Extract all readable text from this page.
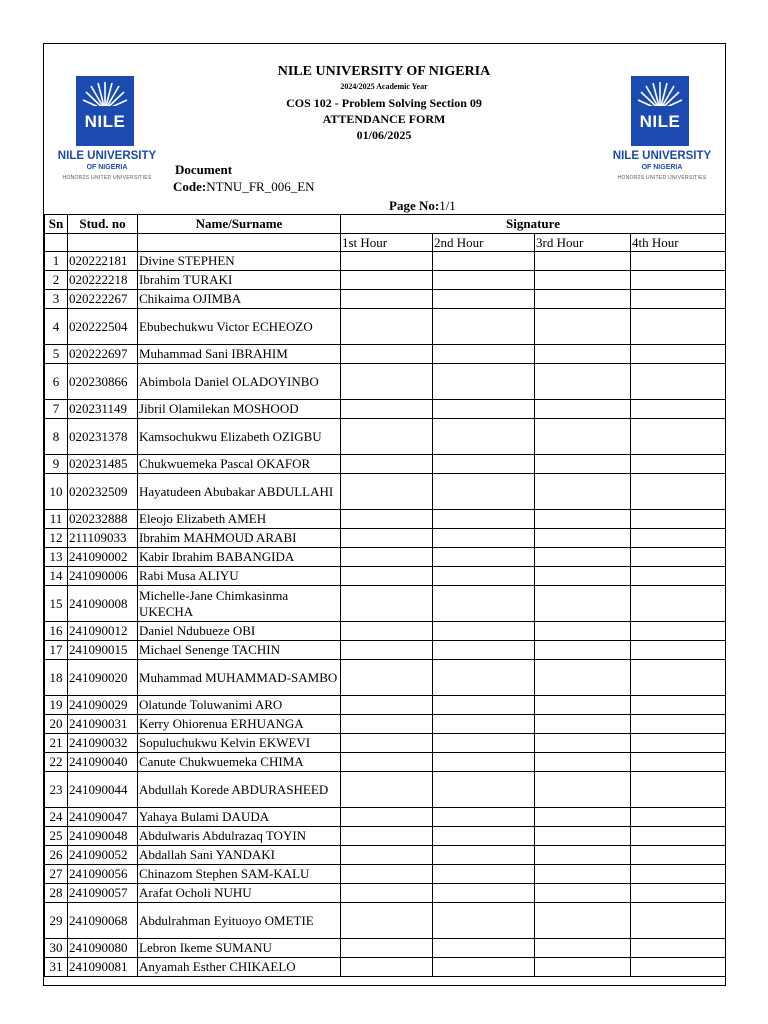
NILE
NILE UNIVERSITY
OF NIGERIA
HONOR2S UNITED UNIVERSITIES
NILE UNIVERSITY OF NIGERIA
2024/2025 Academic Year
COS 102 - Problem Solving Section 09
ATTENDANCE FORM
01/06/2025
Document
Code:NTNU_FR_006_EN
Page No:1/1
NILE
NILE UNIVERSITY
OF NIGERIA
HONOR2S UNITED UNIVERSITIES
Sn	Stud. no	Name/Surname	Signature			
			1st Hour	2nd Hour	3rd Hour	4th Hour
1	020222181	Divine STEPHEN				
2	020222218	Ibrahim TURAKI				
3	020222267	Chikaima OJIMBA				
4	020222504	Ebubechukwu Victor ECHEOZO				
5	020222697	Muhammad Sani IBRAHIM				
6	020230866	Abimbola Daniel OLADOYINBO				
7	020231149	Jibril Olamilekan MOSHOOD				
8	020231378	Kamsochukwu Elizabeth OZIGBU				
9	020231485	Chukwuemeka Pascal OKAFOR				
10	020232509	Hayatudeen Abubakar ABDULLAHI				
11	020232888	Eleojo Elizabeth AMEH				
12	211109033	Ibrahim MAHMOUD ARABI				
13	241090002	Kabir Ibrahim BABANGIDA				
14	241090006	Rabi Musa ALIYU				
15	241090008	Michelle-Jane Chimkasinma UKECHA				
16	241090012	Daniel Ndubueze OBI				
17	241090015	Michael Senenge TACHIN				
18	241090020	Muhammad MUHAMMAD-SAMBO				
19	241090029	Olatunde Toluwanimi ARO				
20	241090031	Kerry Ohiorenua ERHUANGA				
21	241090032	Sopuluchukwu Kelvin EKWEVI				
22	241090040	Canute Chukwuemeka CHIMA				
23	241090044	Abdullah Korede ABDURASHEED				
24	241090047	Yahaya Bulami DAUDA				
25	241090048	Abdulwaris Abdulrazaq TOYIN				
26	241090052	Abdallah Sani YANDAKI				
27	241090056	Chinazom Stephen SAM-KALU				
28	241090057	Arafat Ocholi NUHU				
29	241090068	Abdulrahman Eyituoyo OMETIE				
30	241090080	Lebron Ikeme SUMANU				
31	241090081	Anyamah Esther CHIKAELO				
